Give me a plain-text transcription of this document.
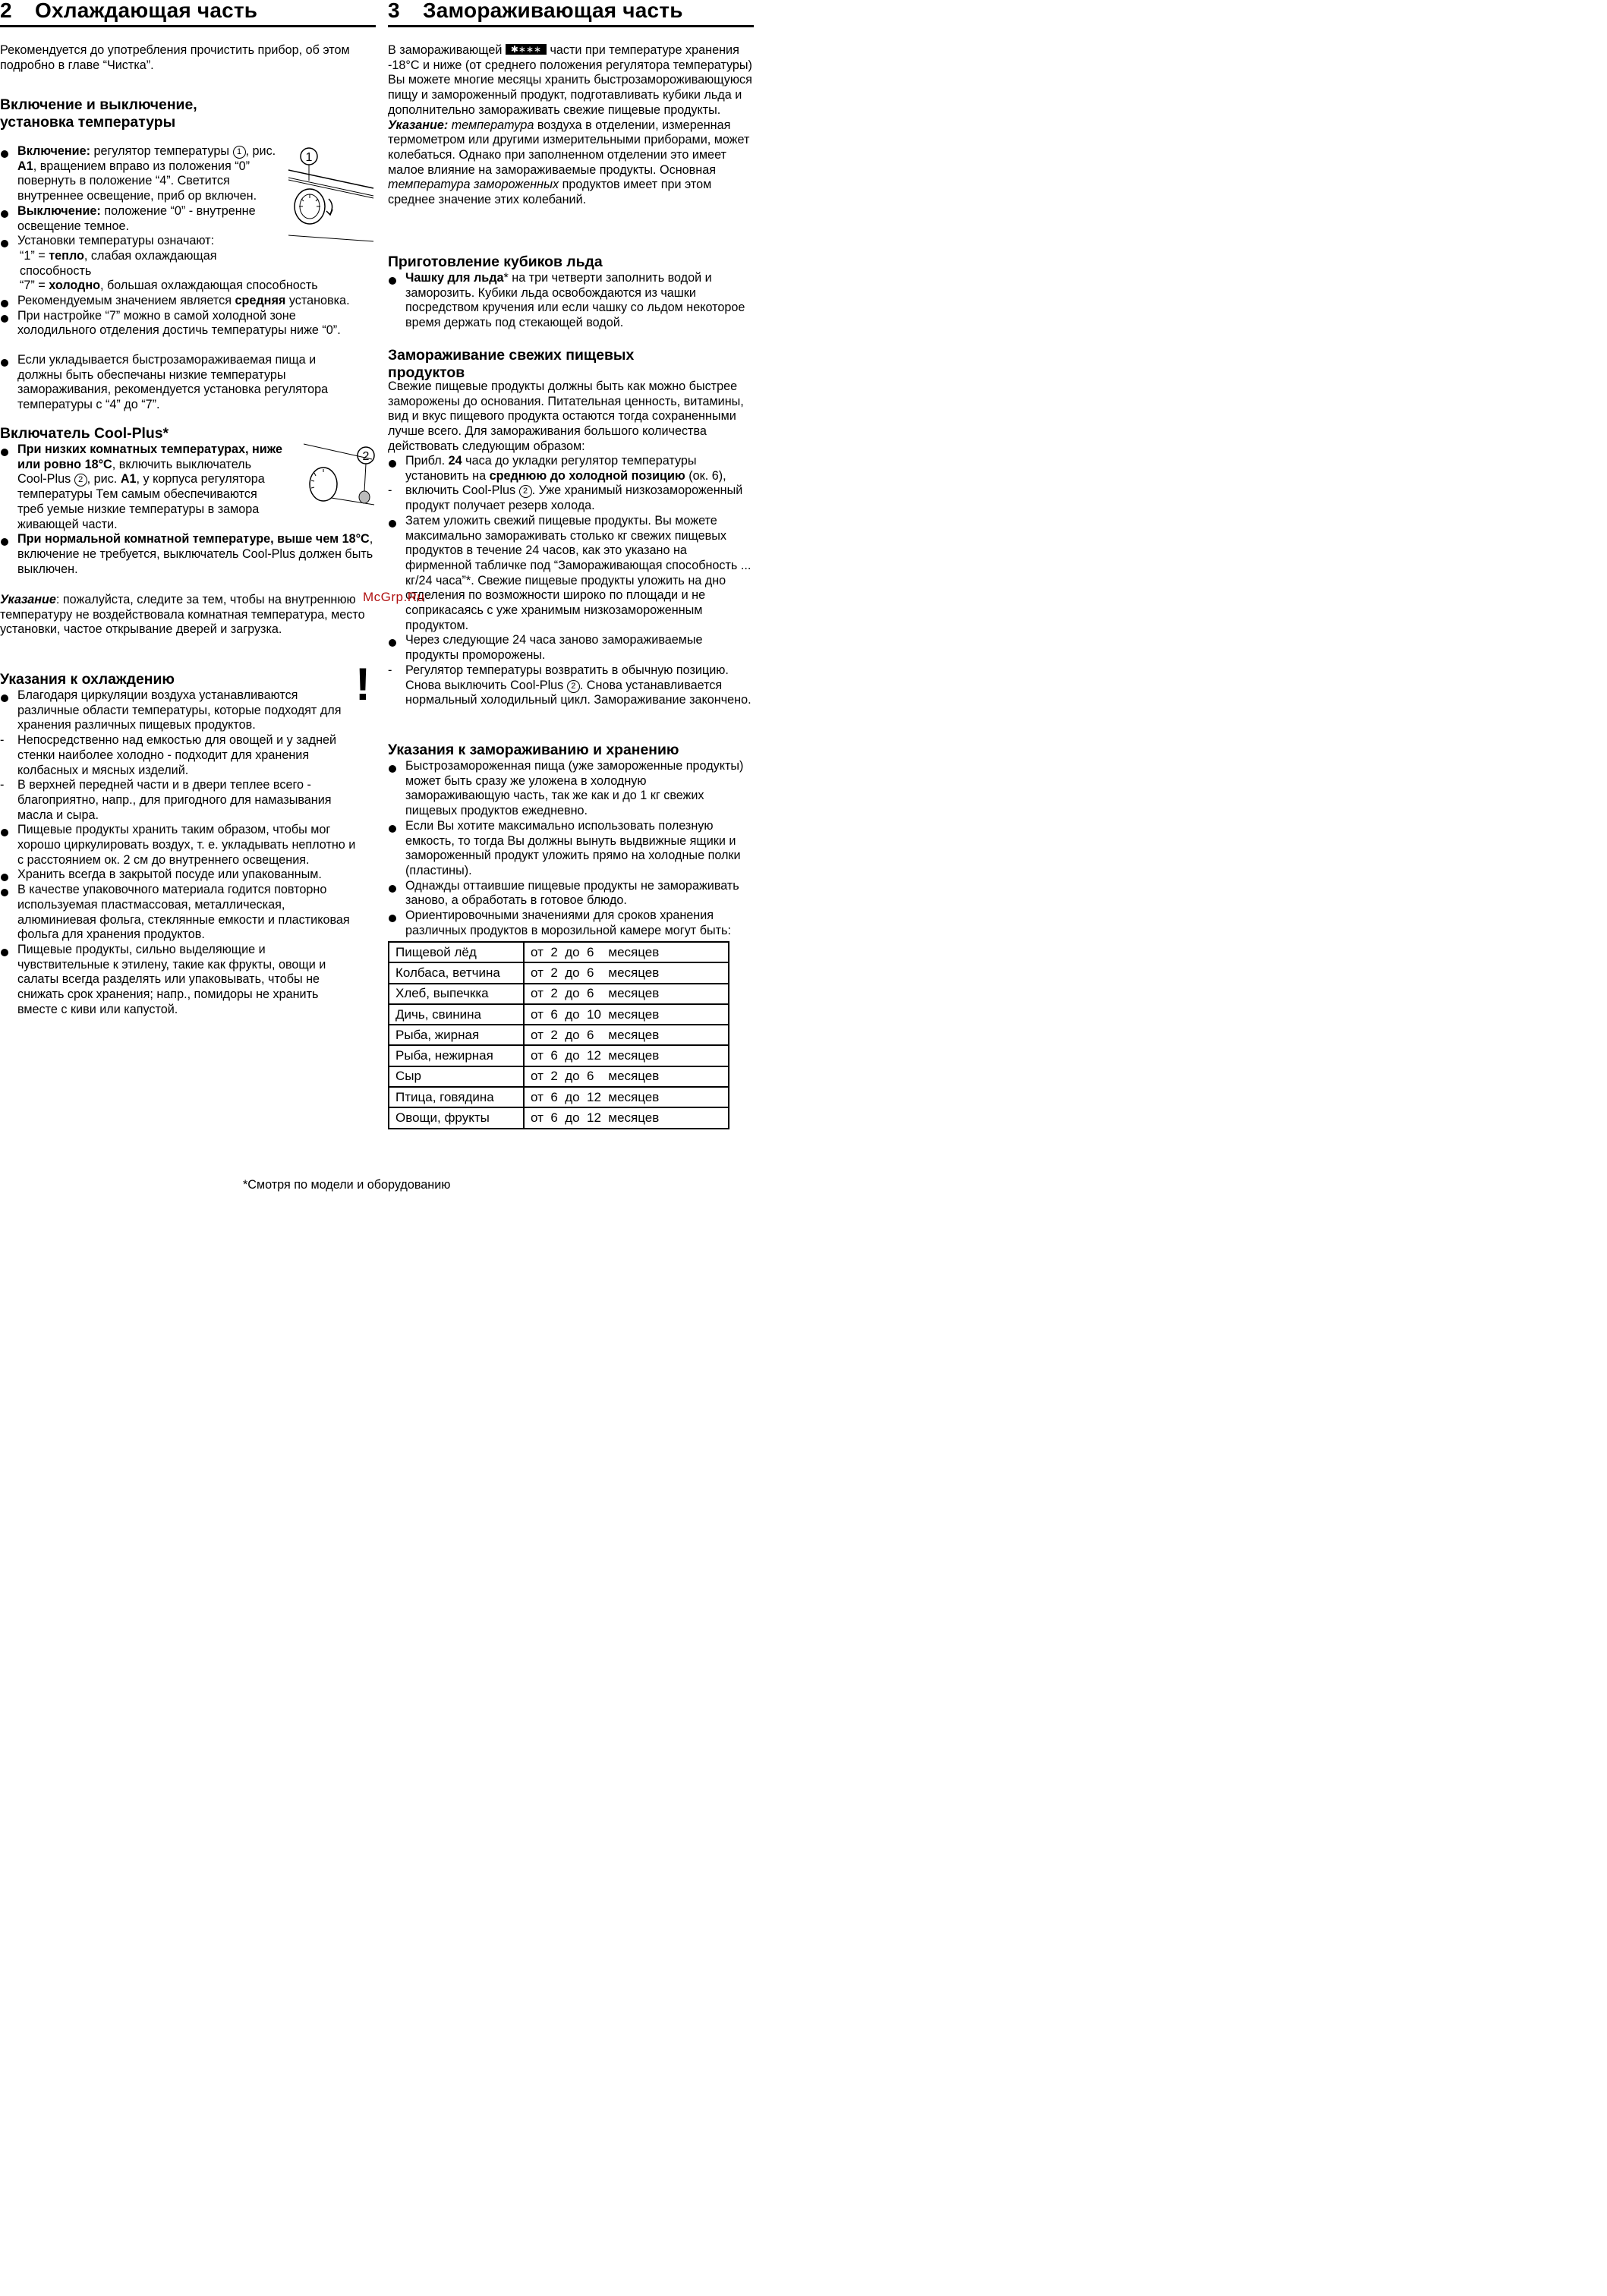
2 Охлаждающая часть

Рекомендуется до употребления прочистить прибор, об этом подробно в главе “Чистка”.

Включение и выключение,
установка температуры
Включение: регулятор температуры 1 , рис. А1, вращением вправо из положения “0” повернуть в положение “4”. Светится внутреннее освещение, приб ор включен.
Выключение: положение “0” - внутренне освещение темное.
Установки температуры означают:
“1” = тепло, слабая охлаждающая способность
“7” = холодно, большая охлаждающая способность
Рекомендуемым значением является средняя установка.
При настройке “7” можно в самой холодной зоне холодильного отделения достичь температуры ниже “0”.
Если укладывается быстрозамораживаемая пища и должны быть обеспечаны низкие температуры замораживания, рекомендуется установка регулятора температуры с “4” до “7”.
Включатель Cool-Plus*
При низких комнатных температурах, ниже или ровно 18°C, включить выключатель Cool-Plus 2 , рис. А1, у корпуса регулятора температуры Тем самым обеспечиваются треб уемые низкие температуры в замора живающей части.
При нормальной комнатной температуре, выше чем 18°C, включение не требуется, выключатель Cool-Plus должен быть выключен.

Указание: пожалуйста, следите за тем, чтобы на внутреннюю температуру не воздействовала комнатная температура, место установки, частое открывание дверей и загрузка.

Указания к охлаждению
Благодаря циркуляции воздуха устанавливаются различные области температуры, которые подходят для хранения различных пищевых продуктов.
- Непосредственно над емкостью для овощей и у задней стенки наиболее холодно - подходит для хранения колбасных и мясных изделий.
- В верхней передней части и в двери теплее всего - благоприятно, напр., для пригодного для намазывания масла и сыра.
Пищевые продукты хранить таким образом, чтобы мог хорошо циркулировать воздух, т. е. укладывать неплотно и с расстоянием ок. 2 см до внутреннего освещения.
Хранить всегда в закрытой посуде или упакованным.
В качестве упаковочного материала годится повторно используемая пластмассовая, металлическая, алюминиевая фольга, стеклянные емкости и пластиковая фольга для хранения продуктов.
Пищевые продукты, сильно выделяющие и чувствительные к этилену, такие как фрукты, овощи и салаты всегда разделять или упаковывать, чтобы не снижать срок хранения; напр., помидоры не хранить вместе с киви или капустой.
!
1
2
3 Замораживающая часть

В замораживающей ✱∗∗∗ части при температуре хранения -18°С и ниже (от среднего положения регулятора температуры) Вы можете многие месяцы хранить быстрозамороживающуюся пищу и замороженный продукт, подготавливать кубики льда и дополнительно замораживать свежие пищевые продукты.
Указание: температура воздуха в отделении, измеренная термометром или другими измерительными приборами, может колебаться. Однако при заполненном отделении это имеет малое влияние на замораживаемые продукты. Основная температура замороженных продуктов имеет при этом среднее значение этих колебаний.

Приготовление кубиков льда
Чашку для льда* на три четверти заполнить водой и заморозить. Кубики льда освобождаются из чашки посредством кручения или если чашку со льдом некоторое время держать под стекающей водой.
Замораживание свежих пищевых
продуктов

Свежие пищевые продукты должны быть как можно быстрее заморожены до основания. Питательная ценность, витамины, вид и вкус пищевого продукта остаются тогда сохраненными лучше всего. Для замораживания большого количества действовать следующим образом:

Прибл. 24 часа до укладки регулятор температуры установить на среднюю до холодной позицию (ок. 6),
- включить Cool-Plus 2 . Уже хранимый низкозамороженный продукт получает резерв холода.
Затем уложить свежий пищевые продукты. Вы можете максимально замораживать столько кг свежих пищевых продуктов в течение 24 часов, как это указано на фирменной табличке под “Замораживающая способность ... кг/24 часа”*. Свежие пищевые продукты уложить на дно отделения по возможности широко по площади и не соприкасаясь с уже хранимым низкозамороженным продуктом.
Через следующие 24 часа заново замораживаемые продукты проморожены.
- Регулятор температуры возвратить в обычную позицию. Снова выключить Cool-Plus 2 . Снова устанавливается нормальный холодильный цикл. Замораживание закончено.
Указания к замораживанию и хранению
Быстрозамороженная пища (уже замороженные продукты) может быть сразу же уложена в холодную замораживающую часть, так же как и до 1 кг свежих пищевых продуктов ежедневно.
Если Вы хотите максимально использовать полезную емкость, то тогда Вы должны вынуть выдвижные ящики и замороженный продукт уложить прямо на холодные полки (пластины).
Однажды оттаившие пищевые продукты не замораживать заново, а обработать в готовое блюдо.
Ориентировочными значениями для сроков хранения различных продуктов в морозильной камере могут быть:
Пищевой лёд	от  2  до  6    месяцев
Колбаса, ветчина	от  2  до  6    месяцев
Хлеб, выпечкка	от  2  до  6    месяцев
Дичь, свинина	от  6  до  10  месяцев
Рыба, жирная	от  2  до  6    месяцев
Рыба, нежирная	от  6  до  12  месяцев
Сыр	от  2  до  6    месяцев
Птица, говядина	от  6  до  12  месяцев
Овощи, фрукты	от  6  до  12  месяцев
McGrp.Ru
*Смотря по модели и оборудованию
